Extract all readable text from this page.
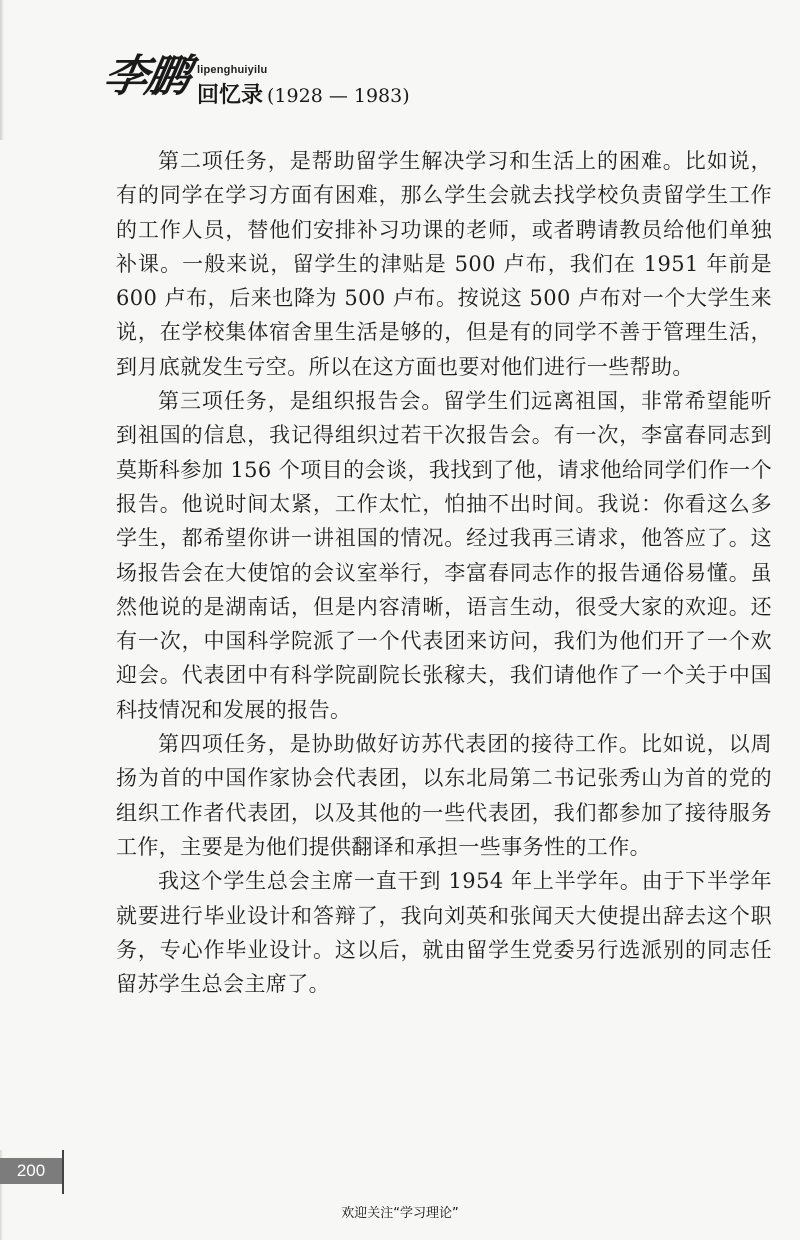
李鹏 lipenghuiyilu
回忆录 (1928 — 1983)

第二项任务，是帮助留学生解决学习和生活上的困难。比如说，有的同学在学习方面有困难，那么学生会就去找学校负责留学生工作的工作人员，替他们安排补习功课的老师，或者聘请教员给他们单独补课。一般来说，留学生的津贴是 500 卢布，我们在 1951 年前是 600 卢布，后来也降为 500 卢布。按说这 500 卢布对一个大学生来说，在学校集体宿舍里生活是够的，但是有的同学不善于管理生活，到月底就发生亏空。所以在这方面也要对他们进行一些帮助。

第三项任务，是组织报告会。留学生们远离祖国，非常希望能听到祖国的信息，我记得组织过若干次报告会。有一次，李富春同志到莫斯科参加 156 个项目的会谈，我找到了他，请求他给同学们作一个报告。他说时间太紧，工作太忙，怕抽不出时间。我说：你看这么多学生，都希望你讲一讲祖国的情况。经过我再三请求，他答应了。这场报告会在大使馆的会议室举行，李富春同志作的报告通俗易懂。虽然他说的是湖南话，但是内容清晰，语言生动，很受大家的欢迎。还有一次，中国科学院派了一个代表团来访问，我们为他们开了一个欢迎会。代表团中有科学院副院长张稼夫，我们请他作了一个关于中国科技情况和发展的报告。

第四项任务，是协助做好访苏代表团的接待工作。比如说，以周扬为首的中国作家协会代表团，以东北局第二书记张秀山为首的党的组织工作者代表团，以及其他的一些代表团，我们都参加了接待服务工作，主要是为他们提供翻译和承担一些事务性的工作。

我这个学生总会主席一直干到 1954 年上半学年。由于下半学年就要进行毕业设计和答辩了，我向刘英和张闻天大使提出辞去这个职务，专心作毕业设计。这以后，就由留学生党委另行选派别的同志任留苏学生总会主席了。

200
欢迎关注“学习理论”
